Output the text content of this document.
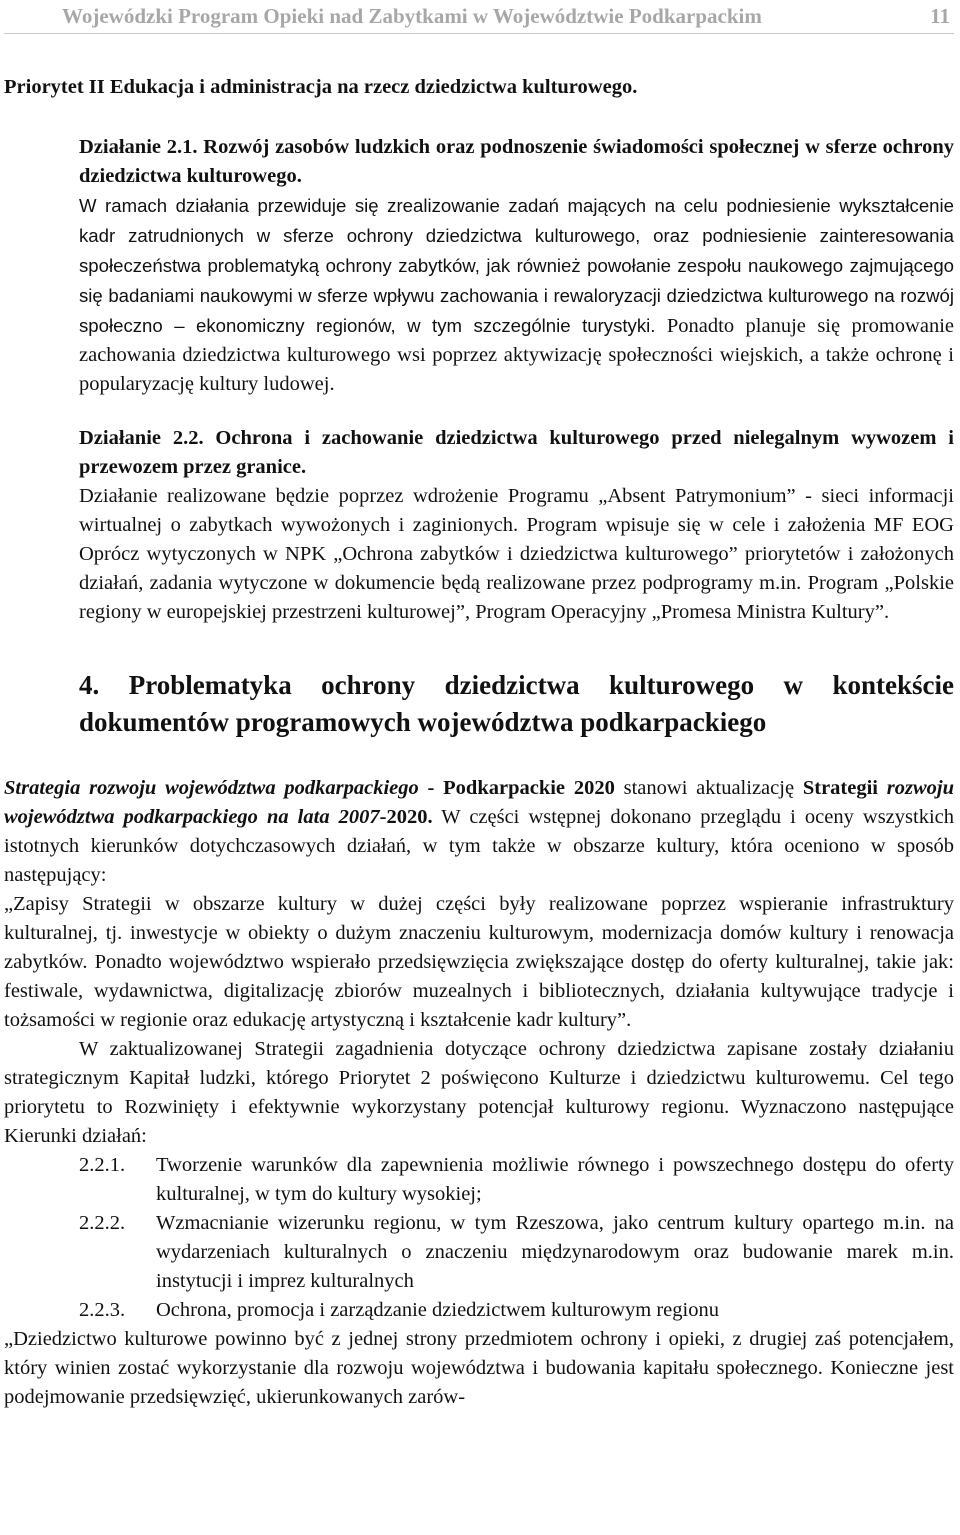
Wojewódzki Program Opieki nad Zabytkami w Województwie Podkarpackim	11

Priorytet II Edukacja i administracja na rzecz dziedzictwa kulturowego.

Działanie 2.1. Rozwój zasobów ludzkich oraz podnoszenie świadomości społecznej w sferze ochrony dziedzictwa kulturowego.

W ramach działania przewiduje się zrealizowanie zadań mających na celu podniesienie wykształcenie kadr zatrudnionych w sferze ochrony dziedzictwa kulturowego, oraz podniesienie zainteresowania społeczeństwa problematyką ochrony zabytków, jak również powołanie zespołu naukowego zajmującego się badaniami naukowymi w sferze wpływu zachowania i rewaloryzacji dziedzictwa kulturowego na rozwój społeczno – ekonomiczny regionów, w tym szczególnie turystyki. Ponadto planuje się promowanie zachowania dziedzictwa kulturowego wsi poprzez aktywizację społeczności wiejskich, a także ochronę i popularyzację kultury ludowej.

Działanie 2.2. Ochrona i zachowanie dziedzictwa kulturowego przed nielegalnym wywozem i przewozem przez granice.

Działanie realizowane będzie poprzez wdrożenie Programu „Absent Patrymonium” - sieci informacji wirtualnej o zabytkach wywożonych i zaginionych. Program wpisuje się w cele i założenia MF EOG Oprócz wytyczonych w NPK „Ochrona zabytków i dziedzictwa kulturowego” priorytetów i założonych działań, zadania wytyczone w dokumencie będą realizowane przez podprogramy m.in. Program „Polskie regiony w europejskiej przestrzeni kulturowej”, Program Operacyjny „Promesa Ministra Kultury”.

4. Problematyka ochrony dziedzictwa kulturowego w kontekście dokumentów programowych województwa podkarpackiego

Strategia rozwoju województwa podkarpackiego - Podkarpackie 2020 stanowi aktualizację Strategii rozwoju województwa podkarpackiego na lata 2007-2020. W części wstępnej dokonano przeglądu i oceny wszystkich istotnych kierunków dotychczasowych działań, w tym także w obszarze kultury, która oceniono w sposób następujący:

„Zapisy Strategii w obszarze kultury w dużej części były realizowane poprzez wspieranie infrastruktury kulturalnej, tj. inwestycje w obiekty o dużym znaczeniu kulturowym, modernizacja domów kultury i renowacja zabytków. Ponadto województwo wspierało przedsięwzięcia zwiększające dostęp do oferty kulturalnej, takie jak: festiwale, wydawnictwa, digitalizację zbiorów muzealnych i bibliotecznych, działania kultywujące tradycje i tożsamości w regionie oraz edukację artystyczną i kształcenie kadr kultury”.

W zaktualizowanej Strategii zagadnienia dotyczące ochrony dziedzictwa zapisane zostały działaniu strategicznym Kapitał ludzki, którego Priorytet 2 poświęcono Kulturze i dziedzictwu kulturowemu. Cel tego priorytetu to Rozwinięty i efektywnie wykorzystany potencjał kulturowy regionu. Wyznaczono następujące Kierunki działań:

2.2.1.	Tworzenie warunków dla zapewnienia możliwie równego i powszechnego dostępu do oferty kulturalnej, w tym do kultury wysokiej;
2.2.2.	Wzmacnianie wizerunku regionu, w tym Rzeszowa, jako centrum kultury opartego m.in. na wydarzeniach kulturalnych o znaczeniu międzynarodowym oraz budowanie marek m.in. instytucji i imprez kulturalnych
2.2.3.	Ochrona, promocja i zarządzanie dziedzictwem kulturowym regionu

„Dziedzictwo kulturowe powinno być z jednej strony przedmiotem ochrony i opieki, z drugiej zaś potencjałem, który winien zostać wykorzystanie dla rozwoju województwa i budowania kapitału społecznego. Konieczne jest podejmowanie przedsięwzięć, ukierunkowanych zarów-
